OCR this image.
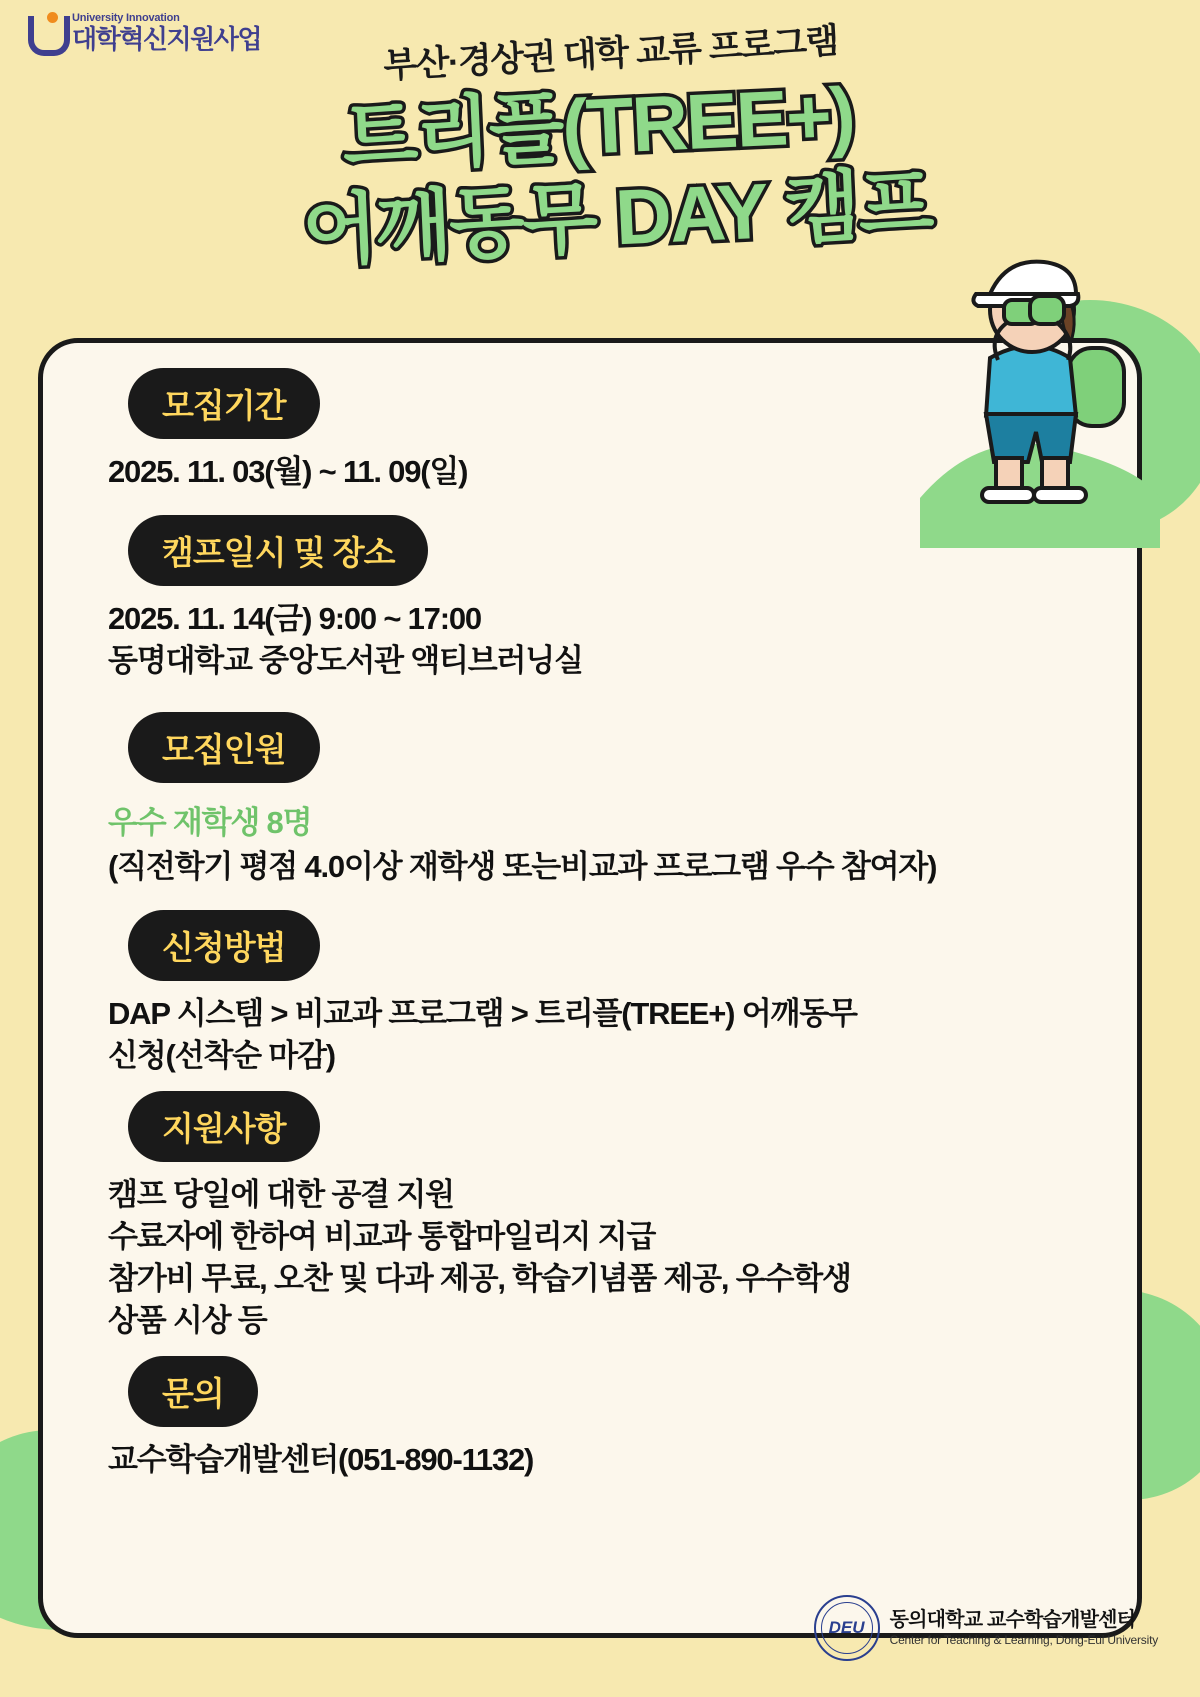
University Innovation
대학혁신지원사업	부산·경상권 대학 교류 프로그램
트리플(TREE+)
어깨동무 DAY 캠프
모집기간
2025. 11. 03(월) ~ 11. 09(일)
캠프일시 및 장소
2025. 11. 14(금) 9:00 ~ 17:00
동명대학교 중앙도서관 액티브러닝실
모집인원
우수 재학생 8명
(직전학기 평점 4.0이상 재학생 또는비교과 프로그램 우수 참여자)
신청방법
DAP 시스템 > 비교과 프로그램 > 트리플(TREE+) 어깨동무
신청(선착순 마감)
지원사항
캠프 당일에 대한 공결 지원
수료자에 한하여 비교과 통합마일리지 지급
참가비 무료, 오찬 및 다과 제공, 학습기념품 제공, 우수학생
상품 시상 등
문의
교수학습개발센터(051-890-1132)
DEU 동의대학교 교수학습개발센터
Center for Teaching & Learning, Dong-Eui University
